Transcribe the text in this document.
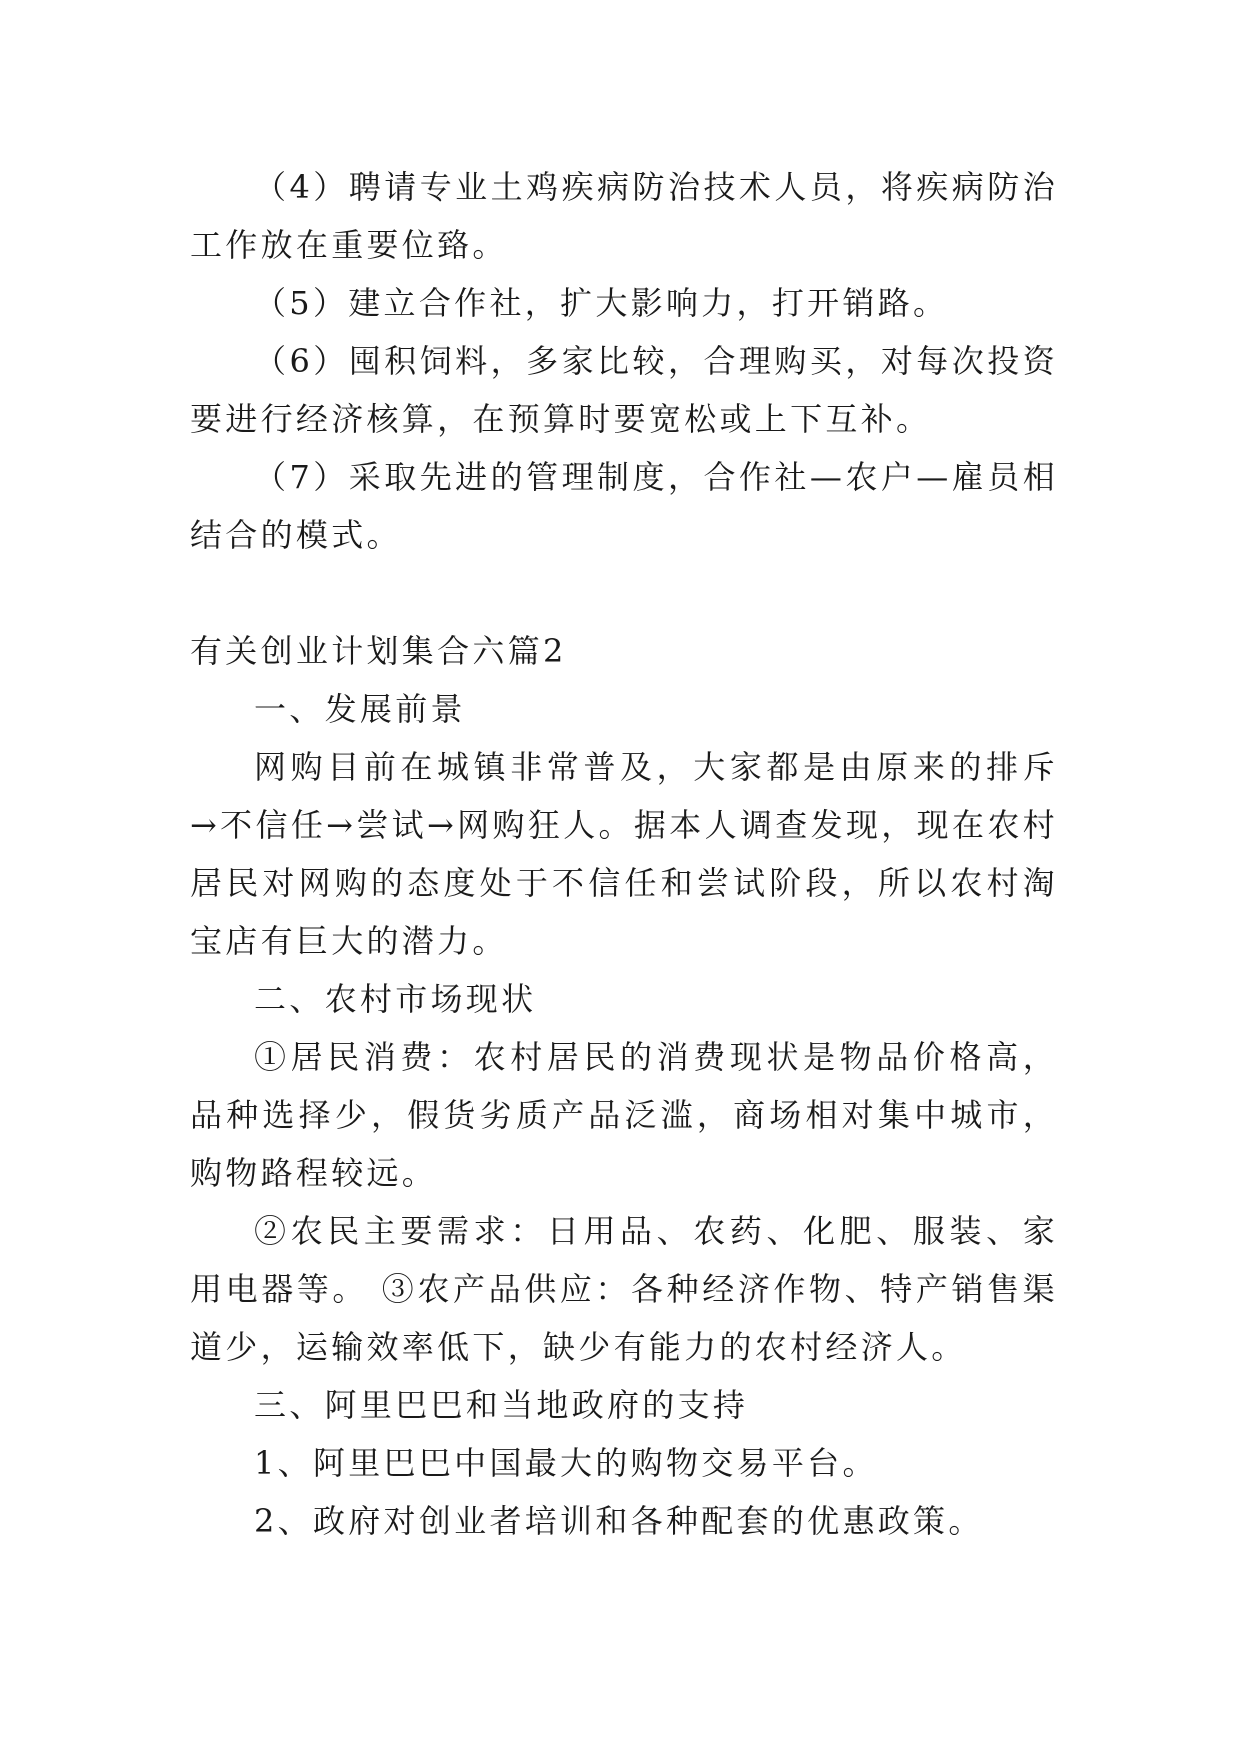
（4）聘请专业土鸡疾病防治技术人员，将疾病防治工作放在重要位臵。

（5）建立合作社，扩大影响力，打开销路。

（6）囤积饲料，多家比较，合理购买，对每次投资要进行经济核算，在预算时要宽松或上下互补。

（7）采取先进的管理制度，合作社—农户—雇员相结合的模式。

有关创业计划集合六篇2

一、发展前景

网购目前在城镇非常普及，大家都是由原来的排斥→不信任→尝试→网购狂人。据本人调查发现，现在农村居民对网购的态度处于不信任和尝试阶段，所以农村淘宝店有巨大的潜力。

二、农村市场现状

①居民消费：农村居民的消费现状是物品价格高，品种选择少，假货劣质产品泛滥，商场相对集中城市，购物路程较远。

②农民主要需求：日用品、农药、化肥、服装、家用电器等。 ③农产品供应：各种经济作物、特产销售渠道少，运输效率低下，缺少有能力的农村经济人。

三、阿里巴巴和当地政府的支持

1、阿里巴巴中国最大的购物交易平台。

2、政府对创业者培训和各种配套的优惠政策。
